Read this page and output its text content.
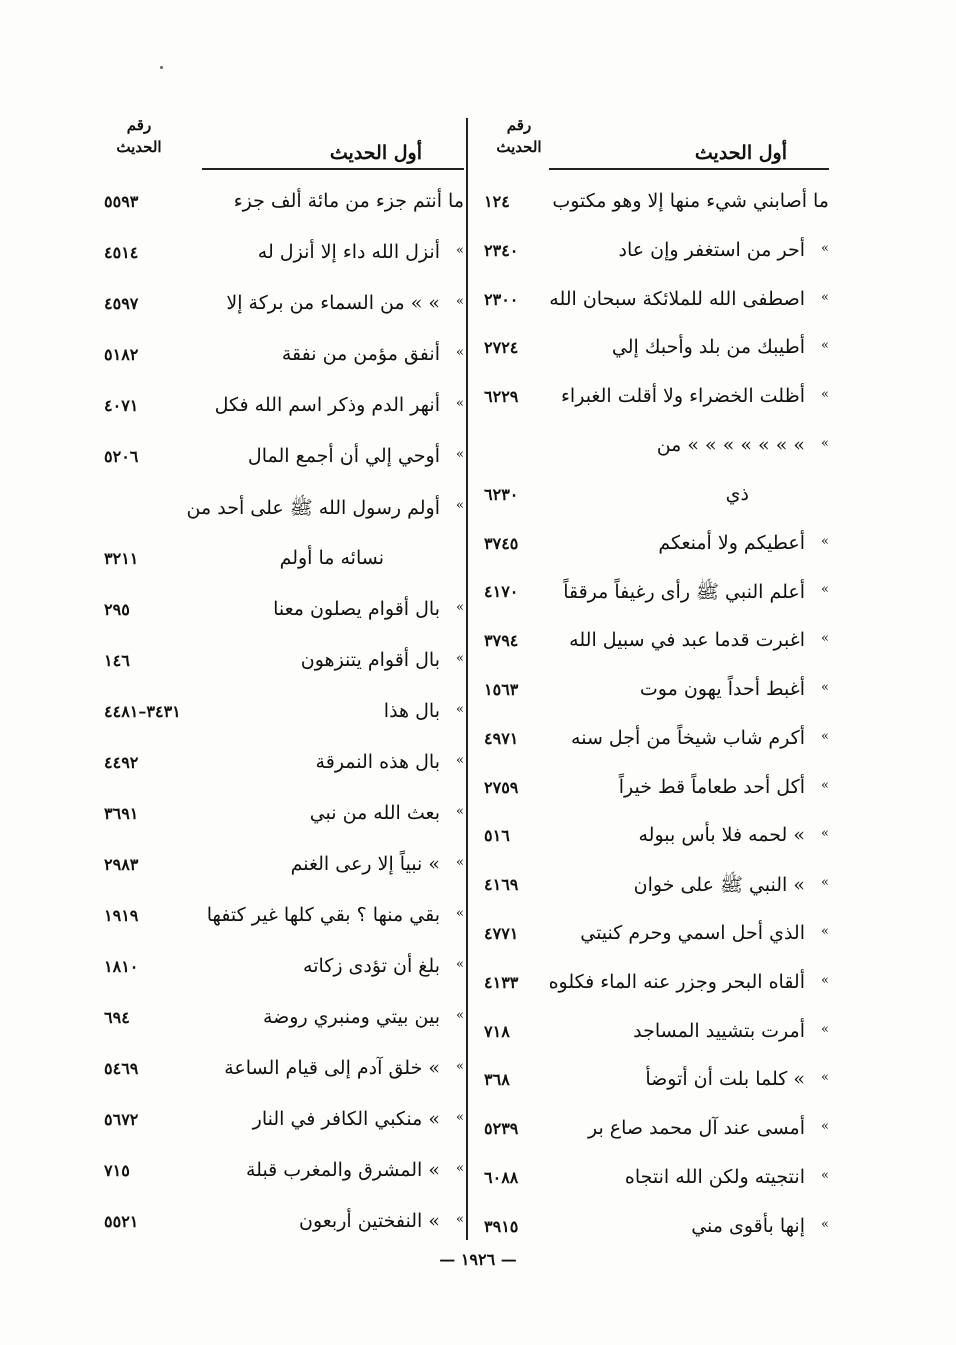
أول الحديث
رقم
الحديث
ما أصابني شيء منها إلا وهو مكتوب
١٢٤
»
أحر من استغفر وإن عاد
٢٣٤٠
»
اصطفى الله للملائكة سبحان الله
٢٣٠٠
»
أطيبك من بلد وأحبك إلي
٢٧٢٤
»
أظلت الخضراء ولا أقلت الغبراء
٦٢٢٩
»
» » » » » » » من
ذي
٦٢٣٠
»
أعطيكم ولا أمنعكم
٣٧٤٥
»
أعلم النبي ﷺ رأى رغيفاً مرققاً
٤١٧٠
»
اغبرت قدما عبد في سبيل الله
٣٧٩٤
»
أغبط أحداً يهون موت
١٥٦٣
»
أكرم شاب شيخاً من أجل سنه
٤٩٧١
»
أكل أحد طعاماً قط خيراً
٢٧٥٩
»
» لحمه فلا بأس ببوله
٥١٦
»
» النبي ﷺ على خوان
٤١٦٩
»
الذي أحل اسمي وحرم كنيتي
٤٧٧١
»
ألقاه البحر وجزر عنه الماء فكلوه
٤١٣٣
»
أمرت بتشييد المساجد
٧١٨
»
» كلما بلت أن أتوضأ
٣٦٨
»
أمسى عند آل محمد صاع بر
٥٢٣٩
»
انتجيته ولكن الله انتجاه
٦٠٨٨
»
إنها بأقوى مني
٣٩١٥
أول الحديث
رقم
الحديث
ما أنتم جزء من مائة ألف جزء
٥٥٩٣
»
أنزل الله داء إلا أنزل له
٤٥١٤
»
» » من السماء من بركة إلا
٤٥٩٧
»
أنفق مؤمن من نفقة
٥١٨٢
»
أنهر الدم وذكر اسم الله فكل
٤٠٧١
»
أوحي إلي أن أجمع المال
٥٢٠٦
»
أولم رسول الله ﷺ على أحد من
نسائه ما أولم
٣٢١١
»
بال أقوام يصلون معنا
٢٩٥
»
بال أقوام يتنزهون
١٤٦
»
بال هذا
٣٤٣١–٤٤٨١
»
بال هذه النمرقة
٤٤٩٢
»
بعث الله من نبي
٣٦٩١
»
» نبياً إلا رعى الغنم
٢٩٨٣
»
بقي منها ؟ بقي كلها غير كتفها
١٩١٩
»
بلغ أن تؤدى زكاته
١٨١٠
»
بين بيتي ومنبري روضة
٦٩٤
»
» خلق آدم إلى قيام الساعة
٥٤٦٩
»
» منكبي الكافر في النار
٥٦٧٢
»
» المشرق والمغرب قبلة
٧١٥
»
» النفختين أربعون
٥٥٢١
— ١٩٢٦ —
